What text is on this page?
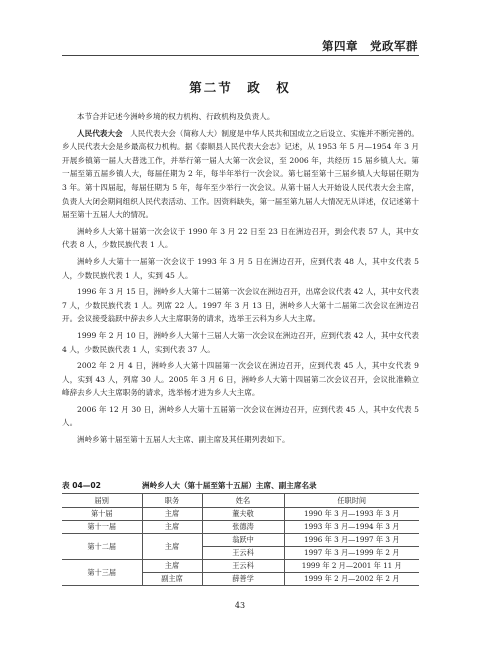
第四章　党政军群
第二节　政　权

本节合并记述今洲岭乡境的权力机构、行政机构及负责人。

人民代表大会　人民代表大会（简称人大）制度是中华人民共和国成立之后设立、实施并不断完善的。乡人民代表大会是乡最高权力机构。据《泰顺县人民代表大会志》记述，从 1953 年 5 月—1954 年 3 月开展乡镇第一届人大普选工作，并举行第一届人大第一次会议，至 2006 年，共经历 15 届乡镇人大。第一届至第五届乡镇人大，每届任期为 2 年，每半年举行一次会议。第七届至第十三届乡镇人大每届任期为 3 年。第十四届起，每届任期为 5 年，每年至少举行一次会议。从第十届人大开始设人民代表大会主席，负责人大闭会期间组织人民代表活动、工作。因资料缺失，第一届至第九届人大情况无从详述，仅记述第十届至第十五届人大的情况。

洲岭乡人大第十届第一次会议于 1990 年 3 月 22 日至 23 日在洲边召开，到会代表 57 人，其中女代表 8 人，少数民族代表 1 人。

洲岭乡人大第十一届第一次会议于 1993 年 3 月 5 日在洲边召开，应到代表 48 人，其中女代表 5 人，少数民族代表 1 人，实到 45 人。

1996 年 3 月 15 日，洲岭乡人大第十二届第一次会议在洲边召开，出席会议代表 42 人，其中女代表 7 人，少数民族代表 1 人。列席 22 人。1997 年 3 月 13 日，洲岭乡人大第十二届第二次会议在洲边召开。会议接受翁跃中辞去乡人大主席职务的请求，选举王云科为乡人大主席。

1999 年 2 月 10 日，洲岭乡人大第十三届人大第一次会议在洲边召开，应到代表 42 人，其中女代表 4 人，少数民族代表 1 人，实到代表 37 人。

2002 年 2 月 4 日，洲岭乡人大第十四届第一次会议在洲边召开，应到代表 45 人，其中女代表 9 人，实到 43 人，列席 30 人。2005 年 3 月 6 日，洲岭乡人大第十四届第二次会议召开，会议批准赖立峰辞去乡人大主席职务的请求，选举杨才进为乡人大主席。

2006 年 12 月 30 日，洲岭乡人大第十五届第一次会议在洲边召开，应到代表 45 人，其中女代表 5 人。

洲岭乡第十届至第十五届人大主席、副主席及其任期列表如下。

表 04—02	洲岭乡人大（第十届至第十五届）主席、副主席名录
届别	职务	姓名	任职时间
第十届	主席	董夫敬	1990 年 3 月—1993 年 3 月
第十一届	主席	张德涛	1993 年 3 月—1994 年 3 月
第十二届	主席	翁跃中	1996 年 3 月—1997 年 3 月
		王云科	1997 年 3 月—1999 年 2 月
第十三届	主席	王云科	1999 年 2 月—2001 年 11 月
	副主席	薛善学	1999 年 2 月—2002 年 2 月
43
